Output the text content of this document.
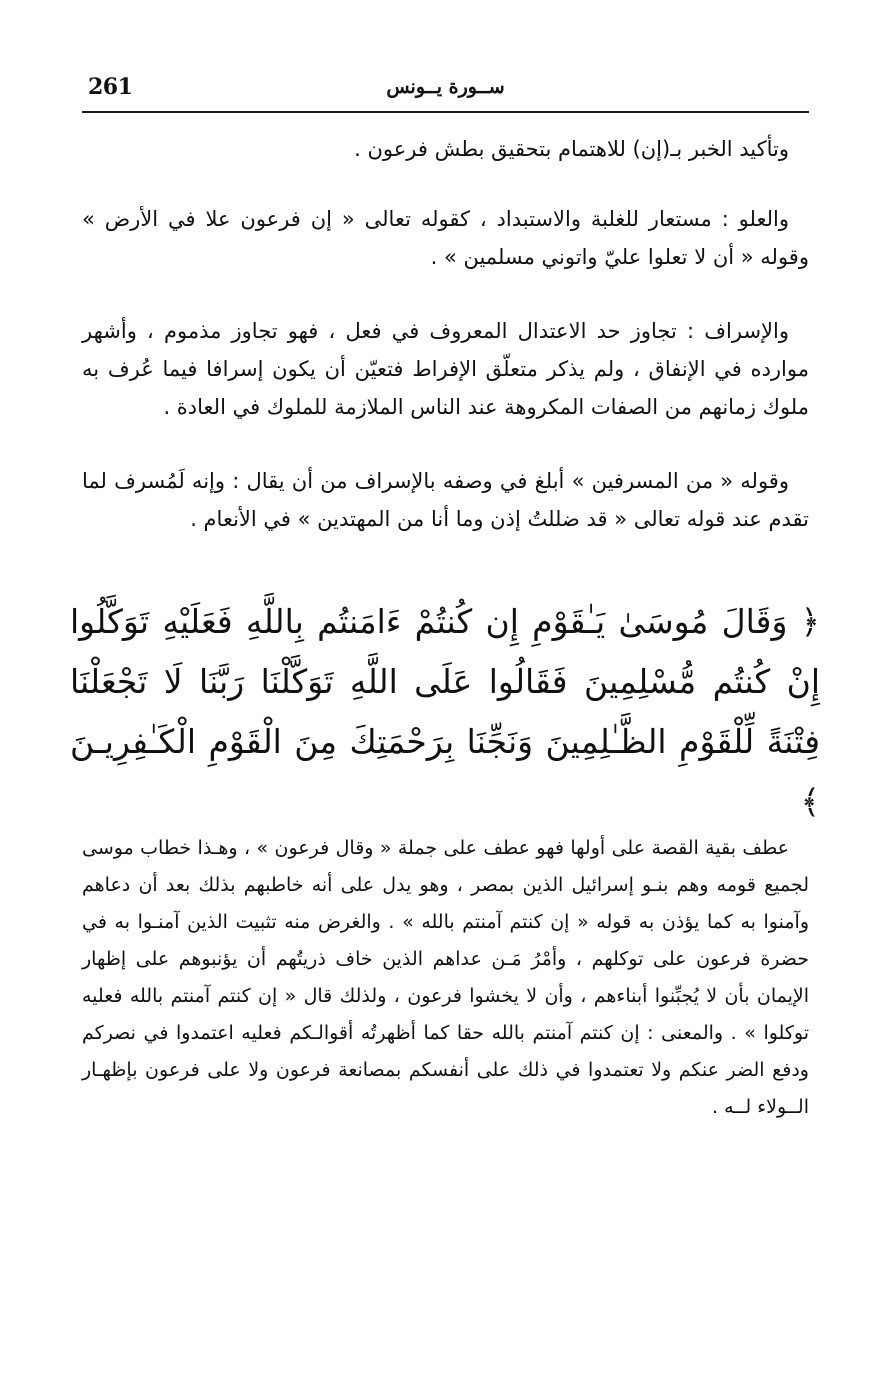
261	ســورة يــونس

وتأكيد الخبر بـ(إن) للاهتمام بتحقيق بطش فرعون .

والعلو : مستعار للغلبة والاستبداد ، كقوله تعالى « إن فرعون علا في الأرض » وقوله « أن لا تعلوا عليّ واتوني مسلمين » .

والإسراف : تجاوز حد الاعتدال المعروف في فعل ، فهو تجاوز مذموم ، وأشهر موارده في الإنفاق ، ولم يذكر متعلّق الإفراط فتعيّن أن يكون إسرافا فيما عُرف به ملوك زمانهم من الصفات المكروهة عند الناس الملازمة للملوك في العادة .

وقوله « من المسرفين » أبلغ في وصفه بالإسراف من أن يقال : وإنه لَمُسرف لما تقدم عند قوله تعالى « قد ضللتُ إذن وما أنا من المهتدين » في الأنعام .

﴿ وَقَالَ مُوسَىٰ يَـٰقَوْمِ إِن كُنتُمْ ءَامَنتُم بِاللَّهِ فَعَلَيْهِ تَوَكَّلُوا إِنْ كُنتُم مُّسْلِمِينَ فَقَالُوا عَلَى اللَّهِ تَوَكَّلْنَا رَبَّنَا لَا تَجْعَلْنَا فِتْنَةً لِّلْقَوْمِ الظَّـٰلِمِينَ وَنَجِّنَا بِرَحْمَتِكَ مِنَ الْقَوْمِ الْكَـٰفِرِيـنَ ﴾

عطف بقية القصة على أولها فهو عطف على جملة « وقال فرعون » ، وهـذا خطاب موسى لجميع قومه وهم بنـو إسرائيل الذين بمصر ، وهو يدل على أنه خاطبهم بذلك بعد أن دعاهم وآمنوا به كما يؤذن به قوله « إن كنتم آمنتم بالله » . والغرض منه تثبيت الذين آمنـوا به في حضرة فرعون على توكلهم ، وأمْرُ مَـن عداهم الذين خاف ذريتُهم أن يؤنبوهم على إظهار الإيمان بأن لا يُجبِّنوا أبناءهم ، وأن لا يخشوا فرعون ، ولذلك قال « إن كنتم آمنتم بالله فعليه توكلوا » . والمعنى : إن كنتم آمنتم بالله حقا كما أظهرتُه أقوالـكم فعليه اعتمدوا في نصركم ودفع الضر عنكم ولا تعتمدوا في ذلك على أنفسكم بمصانعة فرعون ولا على فرعون بإظهـار الــولاء لــه .
